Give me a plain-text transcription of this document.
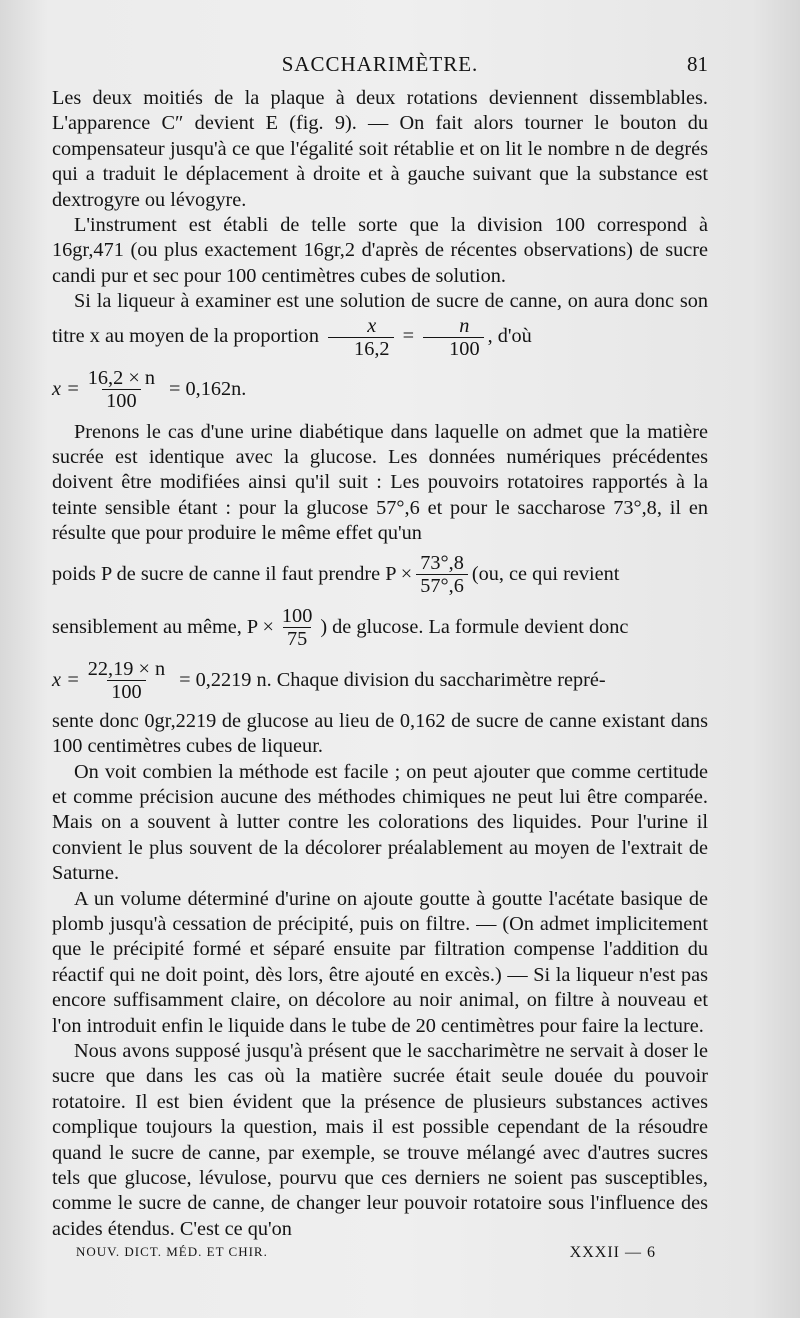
SACCHARIMÈTRE.	81

Les deux moitiés de la plaque à deux rotations deviennent dissemblables. L'apparence C″ devient E (fig. 9). — On fait alors tourner le bouton du compensateur jusqu'à ce que l'égalité soit rétablie et on lit le nombre n de degrés qui a traduit le déplacement à droite et à gauche suivant que la substance est dextrogyre ou lévogyre.

L'instrument est établi de telle sorte que la division 100 correspond à 16gr,471 (ou plus exactement 16gr,2 d'après de récentes observations) de sucre candi pur et sec pour 100 centimètres cubes de solution.

Si la liqueur à examiner est une solution de sucre de canne, on aura donc son titre x au moyen de la proportion $\frac{x}{16,2} = \frac{n}{100}$ , d'où

$x = \frac{16,2 \times n}{100} = 0,162n$.

Prenons le cas d'une urine diabétique dans laquelle on admet que la matière sucrée est identique avec la glucose. Les données numériques précédentes doivent être modifiées ainsi qu'il suit : Les pouvoirs rotatoires rapportés à la teinte sensible étant : pour la glucose 57°,6 et pour le saccharose 73°,8, il en résulte que pour produire le même effet qu'un

poids P de sucre de canne il faut prendre $P \times \frac{73^\circ,8}{57^\circ,6} (ou$, ce qui revient
sensiblement au même, $P \times \frac{100}{75}$ ) de glucose. La formule devient donc
$x = \frac{22,19 \times n}{100} = 0,2219$ n. Chaque division du saccharimètre repré-

sente donc 0gr,2219 de glucose au lieu de 0,162 de sucre de canne existant dans 100 centimètres cubes de liqueur.

On voit combien la méthode est facile ; on peut ajouter que comme certitude et comme précision aucune des méthodes chimiques ne peut lui être comparée. Mais on a souvent à lutter contre les colorations des liquides. Pour l'urine il convient le plus souvent de la décolorer préalablement au moyen de l'extrait de Saturne.

A un volume déterminé d'urine on ajoute goutte à goutte l'acétate basique de plomb jusqu'à cessation de précipité, puis on filtre. — (On admet implicitement que le précipité formé et séparé ensuite par filtration compense l'addition du réactif qui ne doit point, dès lors, être ajouté en excès.) — Si la liqueur n'est pas encore suffisamment claire, on décolore au noir animal, on filtre à nouveau et l'on introduit enfin le liquide dans le tube de 20 centimètres pour faire la lecture.

Nous avons supposé jusqu'à présent que le saccharimètre ne servait à doser le sucre que dans les cas où la matière sucrée était seule douée du pouvoir rotatoire. Il est bien évident que la présence de plusieurs substances actives complique toujours la question, mais il est possible cependant de la résoudre quand le sucre de canne, par exemple, se trouve mélangé avec d'autres sucres tels que glucose, lévulose, pourvu que ces derniers ne soient pas susceptibles, comme le sucre de canne, de changer leur pouvoir rotatoire sous l'influence des acides étendus. C'est ce qu'on

NOUV. DICT. MÉD. ET CHIR.	XXXII — 6
